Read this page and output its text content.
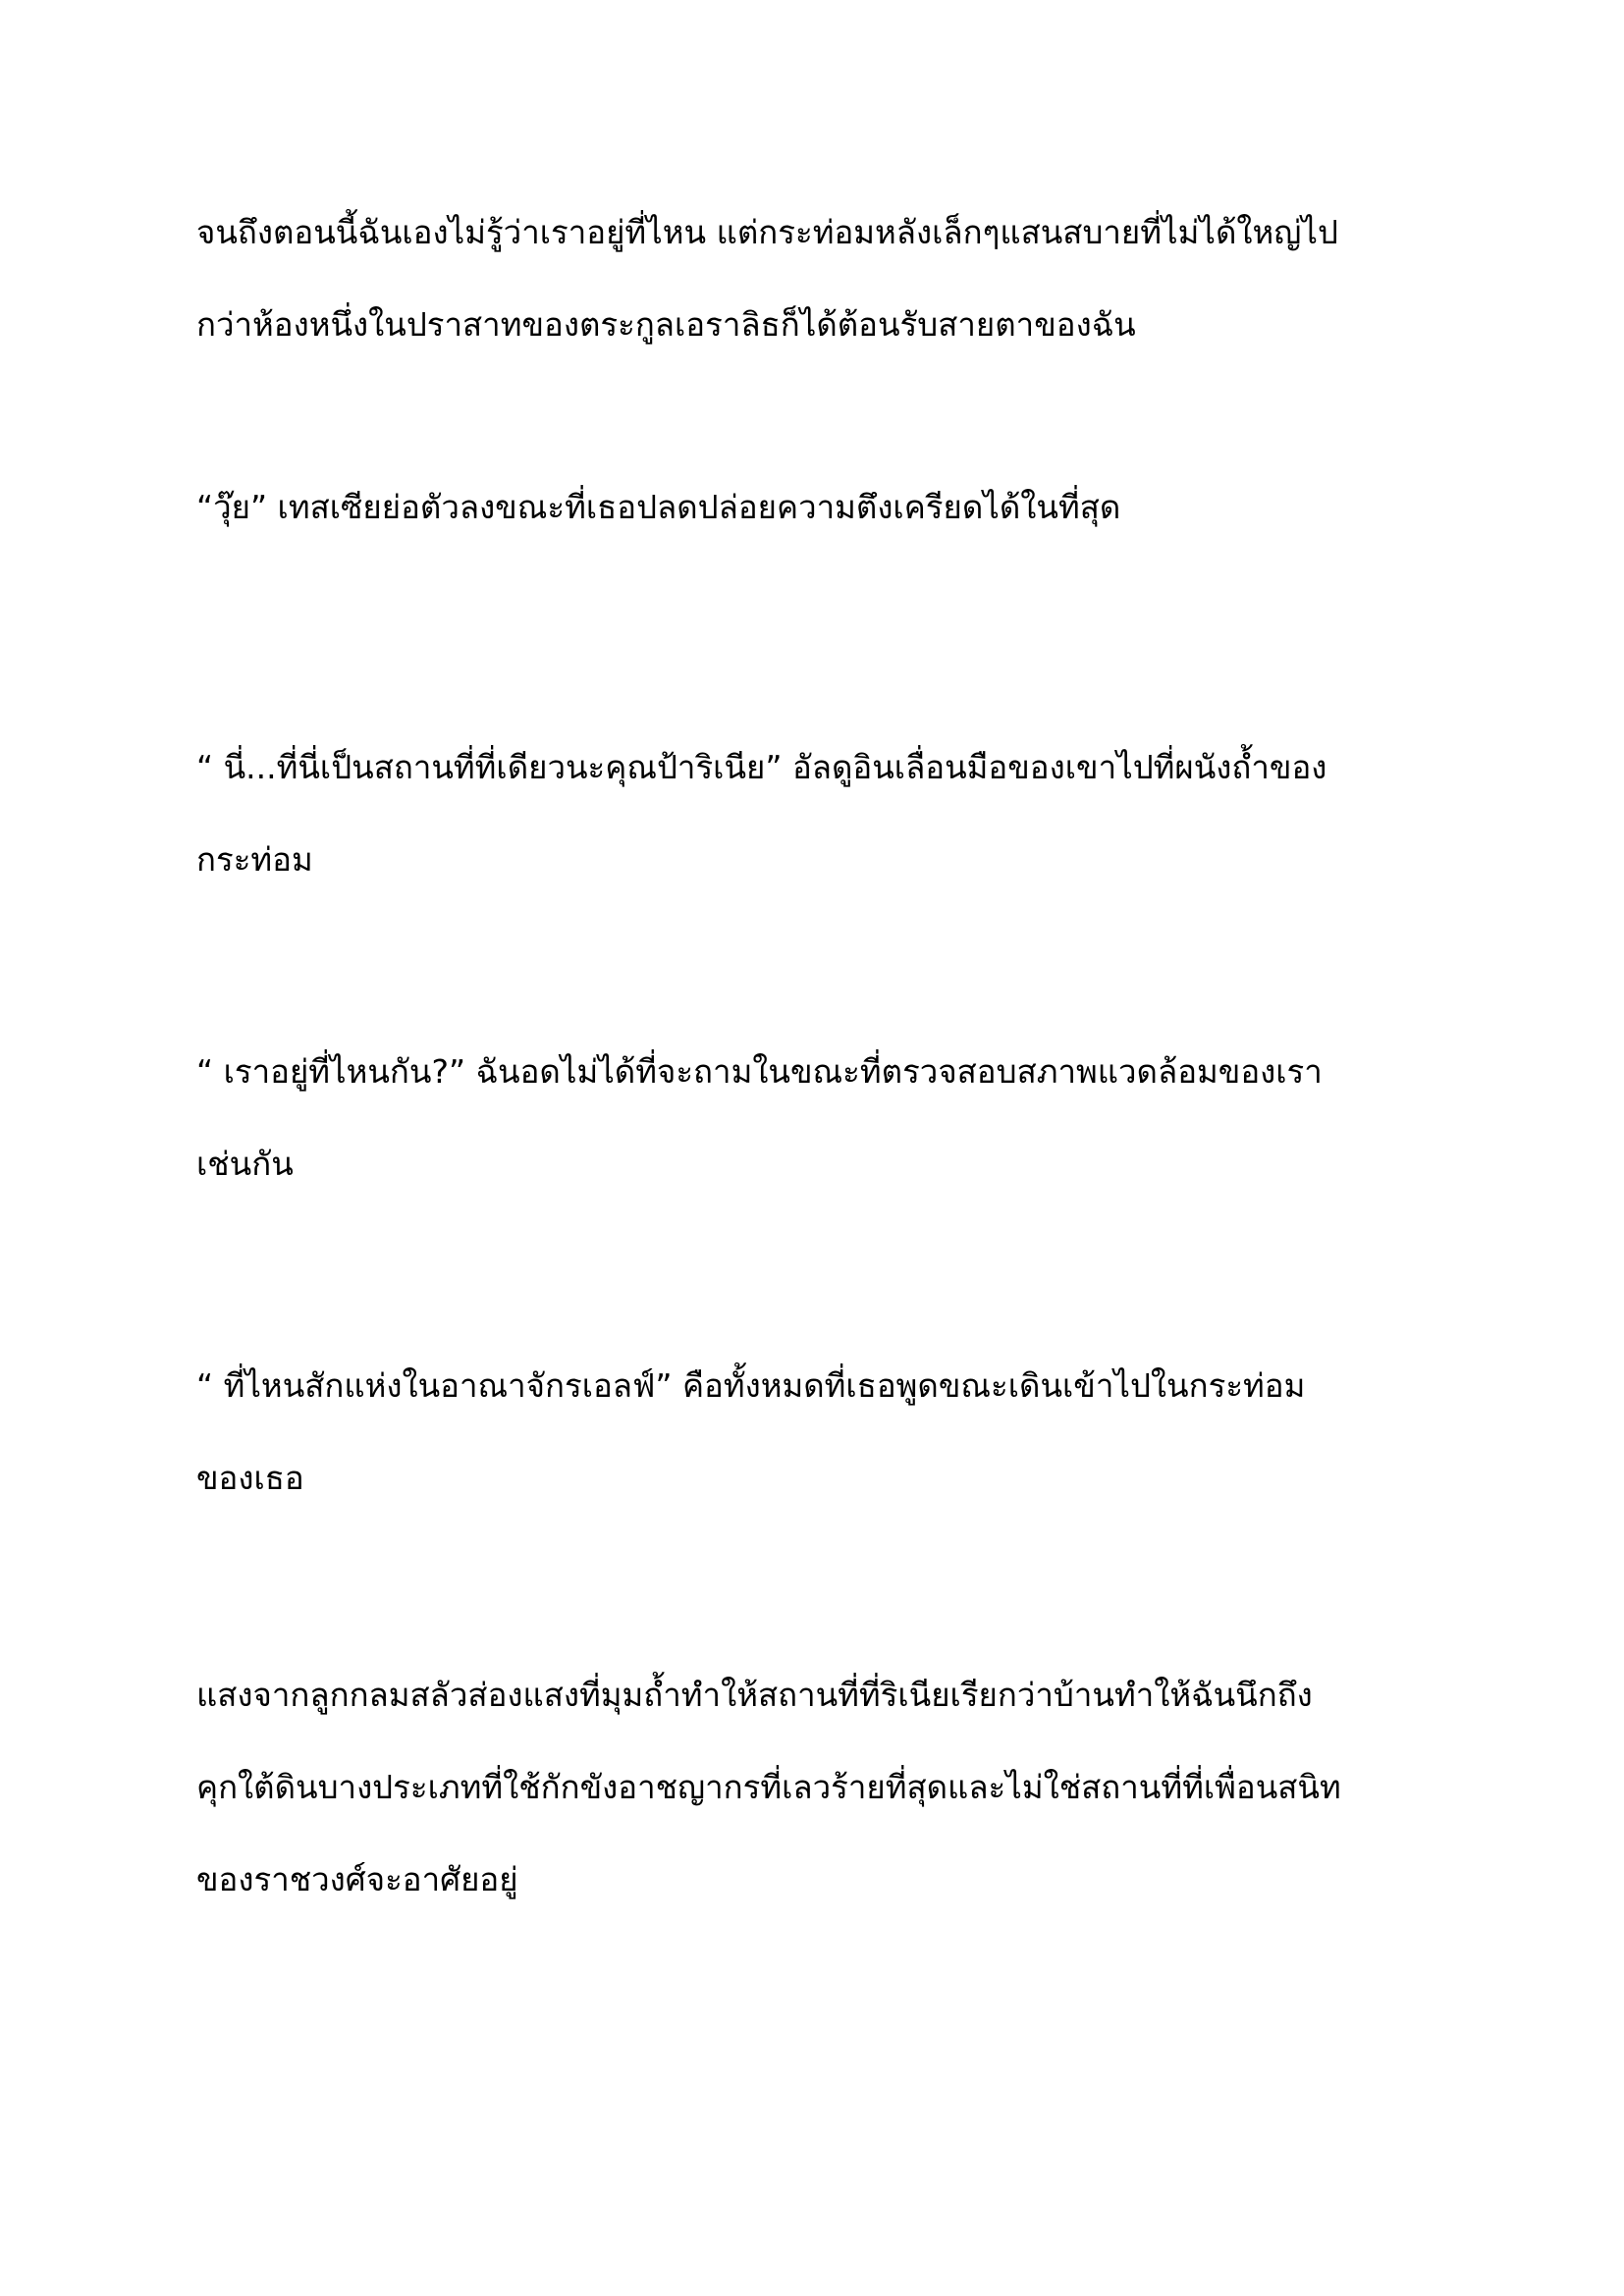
จนถึงตอนนี้ฉันเองไม่รู้ว่าเราอยู่ที่ไหน แต่กระท่อมหลังเล็กๆแสนสบายที่ไม่ได้ใหญ่ไป
กว่าห้องหนึ่งในปราสาทของตระกูลเอราลิธก็ได้ต้อนรับสายตาของฉัน
“วุ๊ย” เทสเซียย่อตัวลงขณะที่เธอปลดปล่อยความตึงเครียดได้ในที่สุด
“ นี่...ที่นี่เป็นสถานที่ที่เดียวนะคุณป้าริเนีย” อัลดูอินเลื่อนมือของเขาไปที่ผนังถ้ำของ
กระท่อม
“ เราอยู่ที่ไหนกัน?” ฉันอดไม่ได้ที่จะถามในขณะที่ตรวจสอบสภาพแวดล้อมของเรา
เช่นกัน
“ ที่ไหนสักแห่งในอาณาจักรเอลฟ์” คือทั้งหมดที่เธอพูดขณะเดินเข้าไปในกระท่อม
ของเธอ
แสงจากลูกกลมสลัวส่องแสงที่มุมถ้ำทำให้สถานที่ที่ริเนียเรียกว่าบ้านทำให้ฉันนึกถึง
คุกใต้ดินบางประเภทที่ใช้กักขังอาชญากรที่เลวร้ายที่สุดและไม่ใช่สถานที่ที่เพื่อนสนิท
ของราชวงศ์จะอาศัยอยู่
